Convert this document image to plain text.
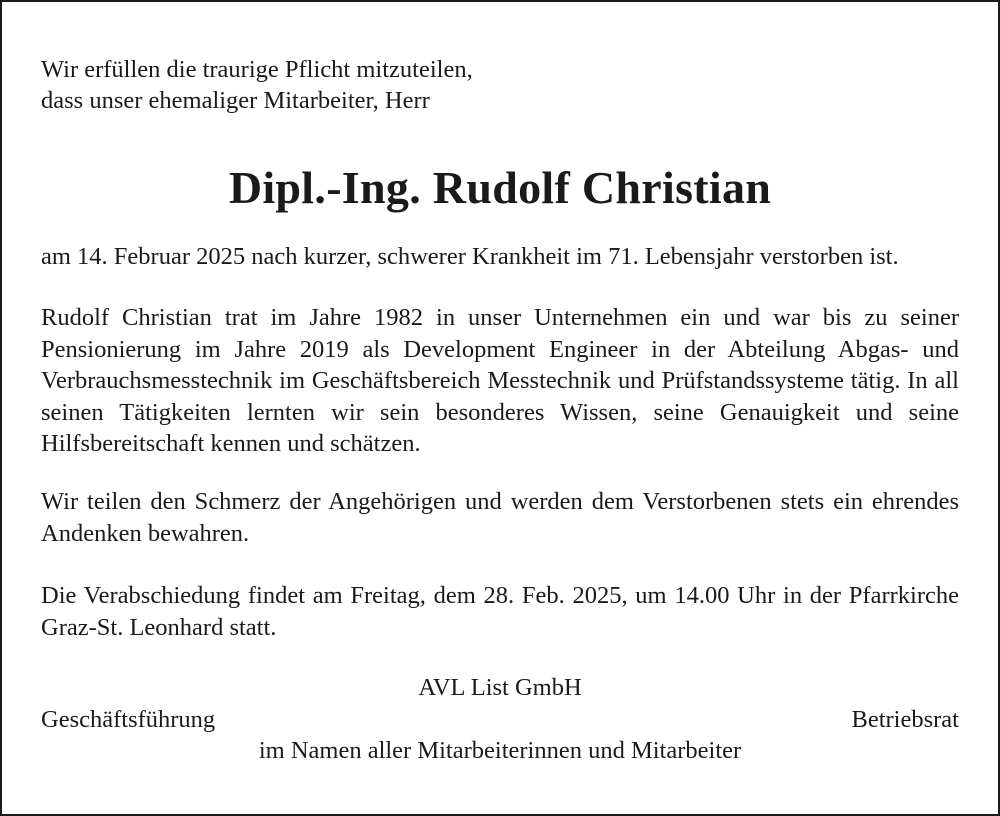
Wir erfüllen die traurige Pflicht mitzuteilen,
dass unser ehemaliger Mitarbeiter, Herr
Dipl.-Ing. Rudolf Christian
am 14. Februar 2025 nach kurzer, schwerer Krankheit im 71. Lebensjahr verstorben ist.
Rudolf Christian trat im Jahre 1982 in unser Unternehmen ein und war bis zu seiner Pensionierung im Jahre 2019 als Development Engineer in der Abteilung Abgas- und Verbrauchsmesstechnik im Geschäftsbereich Messtechnik und Prüfstandssysteme tätig. In all seinen Tätigkeiten lernten wir sein besonderes Wissen, seine Genauigkeit und seine Hilfsbereitschaft kennen und schätzen.
Wir teilen den Schmerz der Angehörigen und werden dem Verstorbenen stets ein ehrendes Andenken bewahren.
Die Verabschiedung findet am Freitag, dem 28. Feb. 2025, um 14.00 Uhr in der Pfarrkirche Graz-St. Leonhard statt.
AVL List GmbH
Geschäftsführung	Betriebsrat
im Namen aller Mitarbeiterinnen und Mitarbeiter
